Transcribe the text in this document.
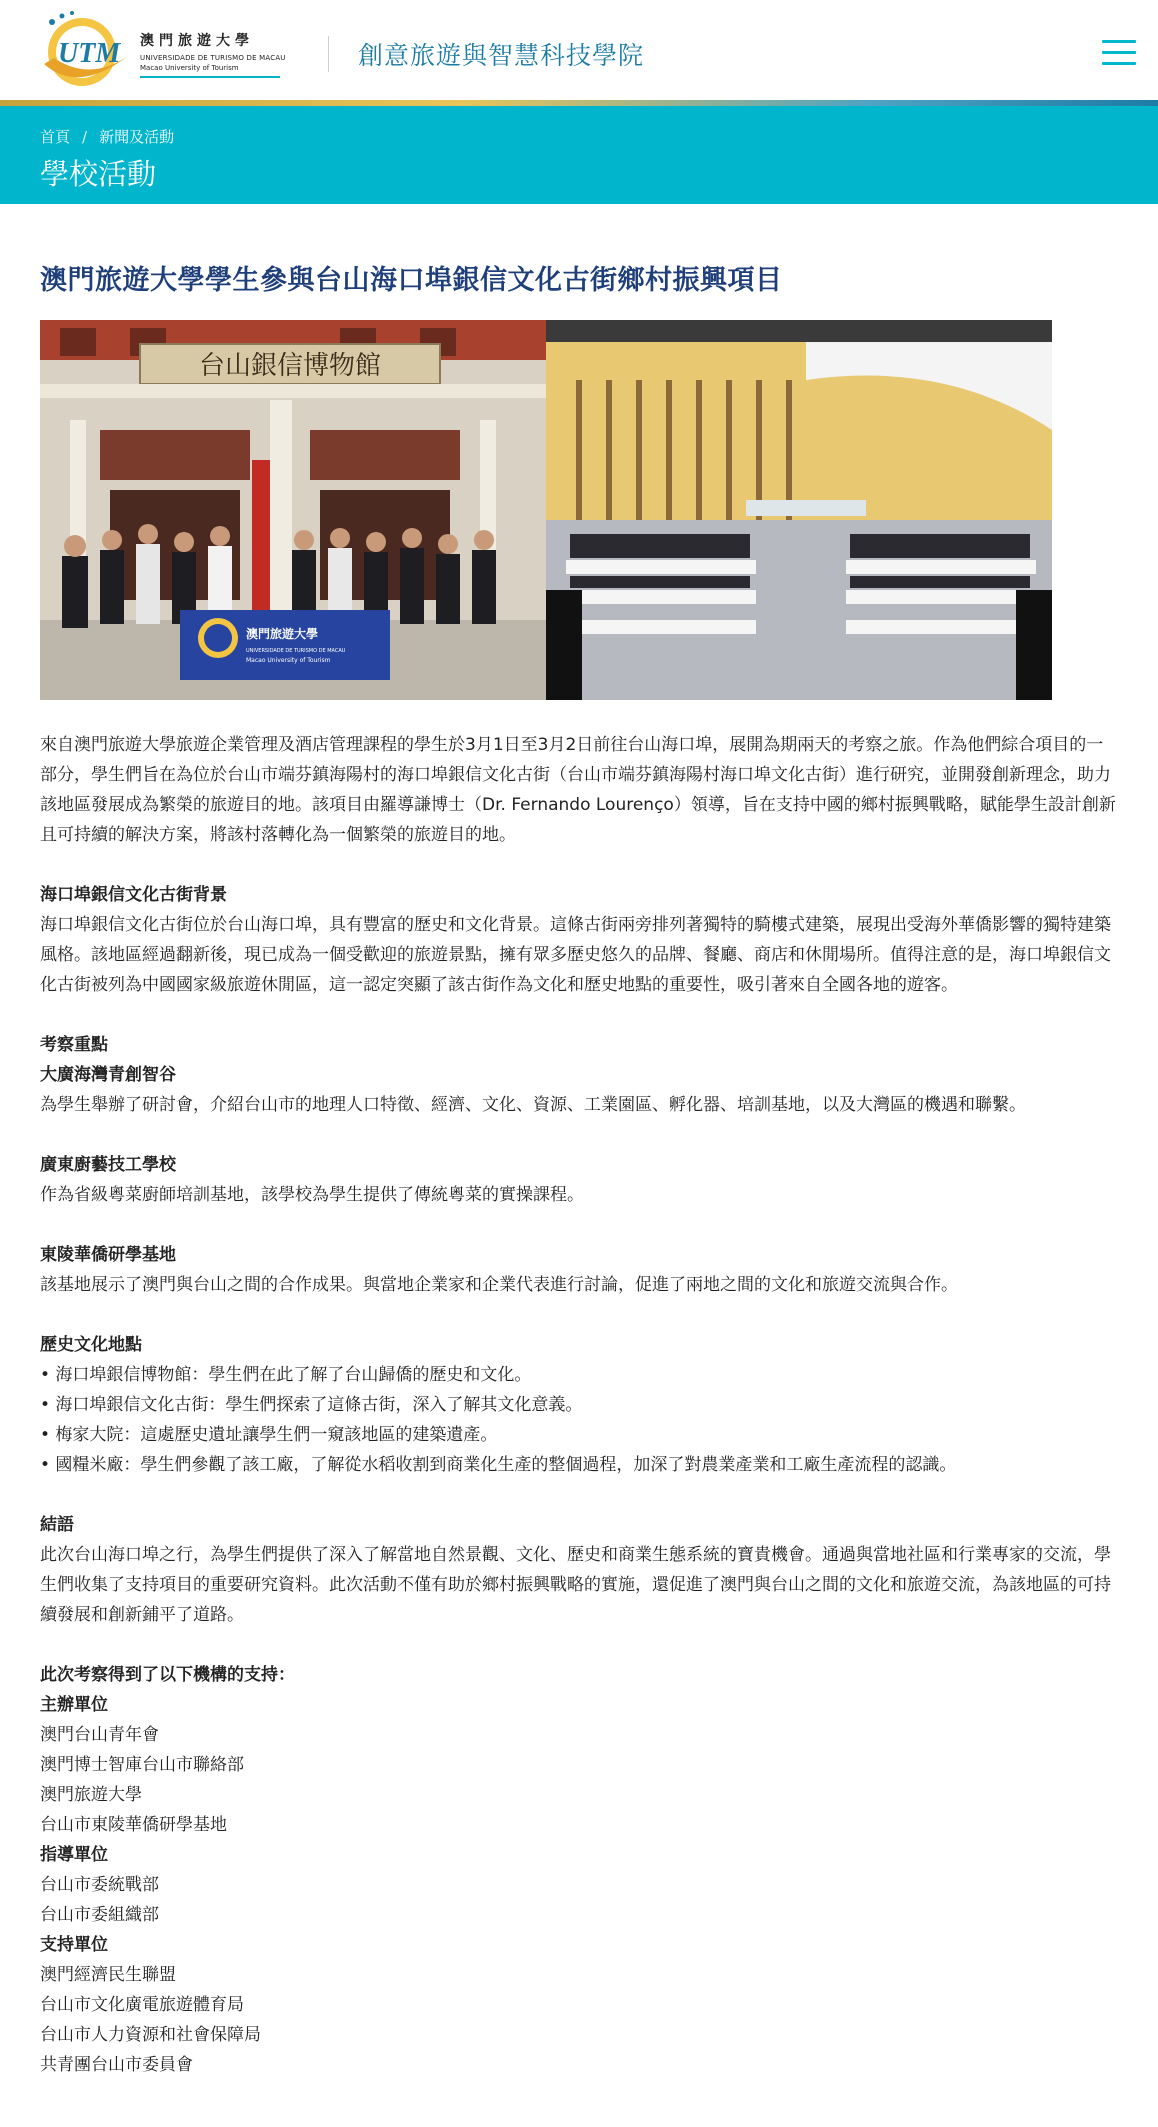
UTM 澳門旅遊大學
UNIVERSIDADE DE TURISMO DE MACAU
Macao University of Tourism	創意旅遊與智慧科技學院
首頁 / 新聞及活動
學校活動
澳門旅遊大學學生參與台山海口埠銀信文化古街鄉村振興項目
台山銀信博物館
澳門旅遊大學
UNIVERSIDADE DE TURISMO DE MACAU
Macao University of Tourism

來自澳門旅遊大學旅遊企業管理及酒店管理課程的學生於3月1日至3月2日前往台山海口埠，展開為期兩天的考察之旅。作為他們綜合項目的一部分，學生們旨在為位於台山市端芬鎮海陽村的海口埠銀信文化古街（台山市端芬鎮海陽村海口埠文化古街）進行研究，並開發創新理念，助力該地區發展成為繁榮的旅遊目的地。該項目由羅導謙博士（Dr. Fernando Lourenço）領導，旨在支持中國的鄉村振興戰略，賦能學生設計創新且可持續的解決方案，將該村落轉化為一個繁榮的旅遊目的地。

海口埠銀信文化古街背景

海口埠銀信文化古街位於台山海口埠，具有豐富的歷史和文化背景。這條古街兩旁排列著獨特的騎樓式建築，展現出受海外華僑影響的獨特建築風格。該地區經過翻新後，現已成為一個受歡迎的旅遊景點，擁有眾多歷史悠久的品牌、餐廳、商店和休閒場所。值得注意的是，海口埠銀信文化古街被列為中國國家級旅遊休閒區，這一認定突顯了該古街作為文化和歷史地點的重要性，吸引著來自全國各地的遊客。

考察重點

大廣海灣青創智谷

為學生舉辦了研討會，介紹台山市的地理人口特徵、經濟、文化、資源、工業園區、孵化器、培訓基地，以及大灣區的機遇和聯繫。

廣東廚藝技工學校

作為省級粵菜廚師培訓基地，該學校為學生提供了傳統粵菜的實操課程。

東陵華僑研學基地

該基地展示了澳門與台山之間的合作成果。與當地企業家和企業代表進行討論，促進了兩地之間的文化和旅遊交流與合作。

歷史文化地點

• 海口埠銀信博物館：學生們在此了解了台山歸僑的歷史和文化。

• 海口埠銀信文化古街：學生們探索了這條古街，深入了解其文化意義。

• 梅家大院：這處歷史遺址讓學生們一窺該地區的建築遺產。

• 國糧米廠：學生們參觀了該工廠，了解從水稻收割到商業化生產的整個過程，加深了對農業產業和工廠生產流程的認識。

結語

此次台山海口埠之行，為學生們提供了深入了解當地自然景觀、文化、歷史和商業生態系統的寶貴機會。通過與當地社區和行業專家的交流，學生們收集了支持項目的重要研究資料。此次活動不僅有助於鄉村振興戰略的實施，還促進了澳門與台山之間的文化和旅遊交流，為該地區的可持續發展和創新鋪平了道路。

此次考察得到了以下機構的支持：

主辦單位

澳門台山青年會

澳門博士智庫台山市聯絡部

澳門旅遊大學

台山市東陵華僑研學基地

指導單位

台山市委統戰部

台山市委組織部

支持單位

澳門經濟民生聯盟

台山市文化廣電旅遊體育局

台山市人力資源和社會保障局

共青團台山市委員會
